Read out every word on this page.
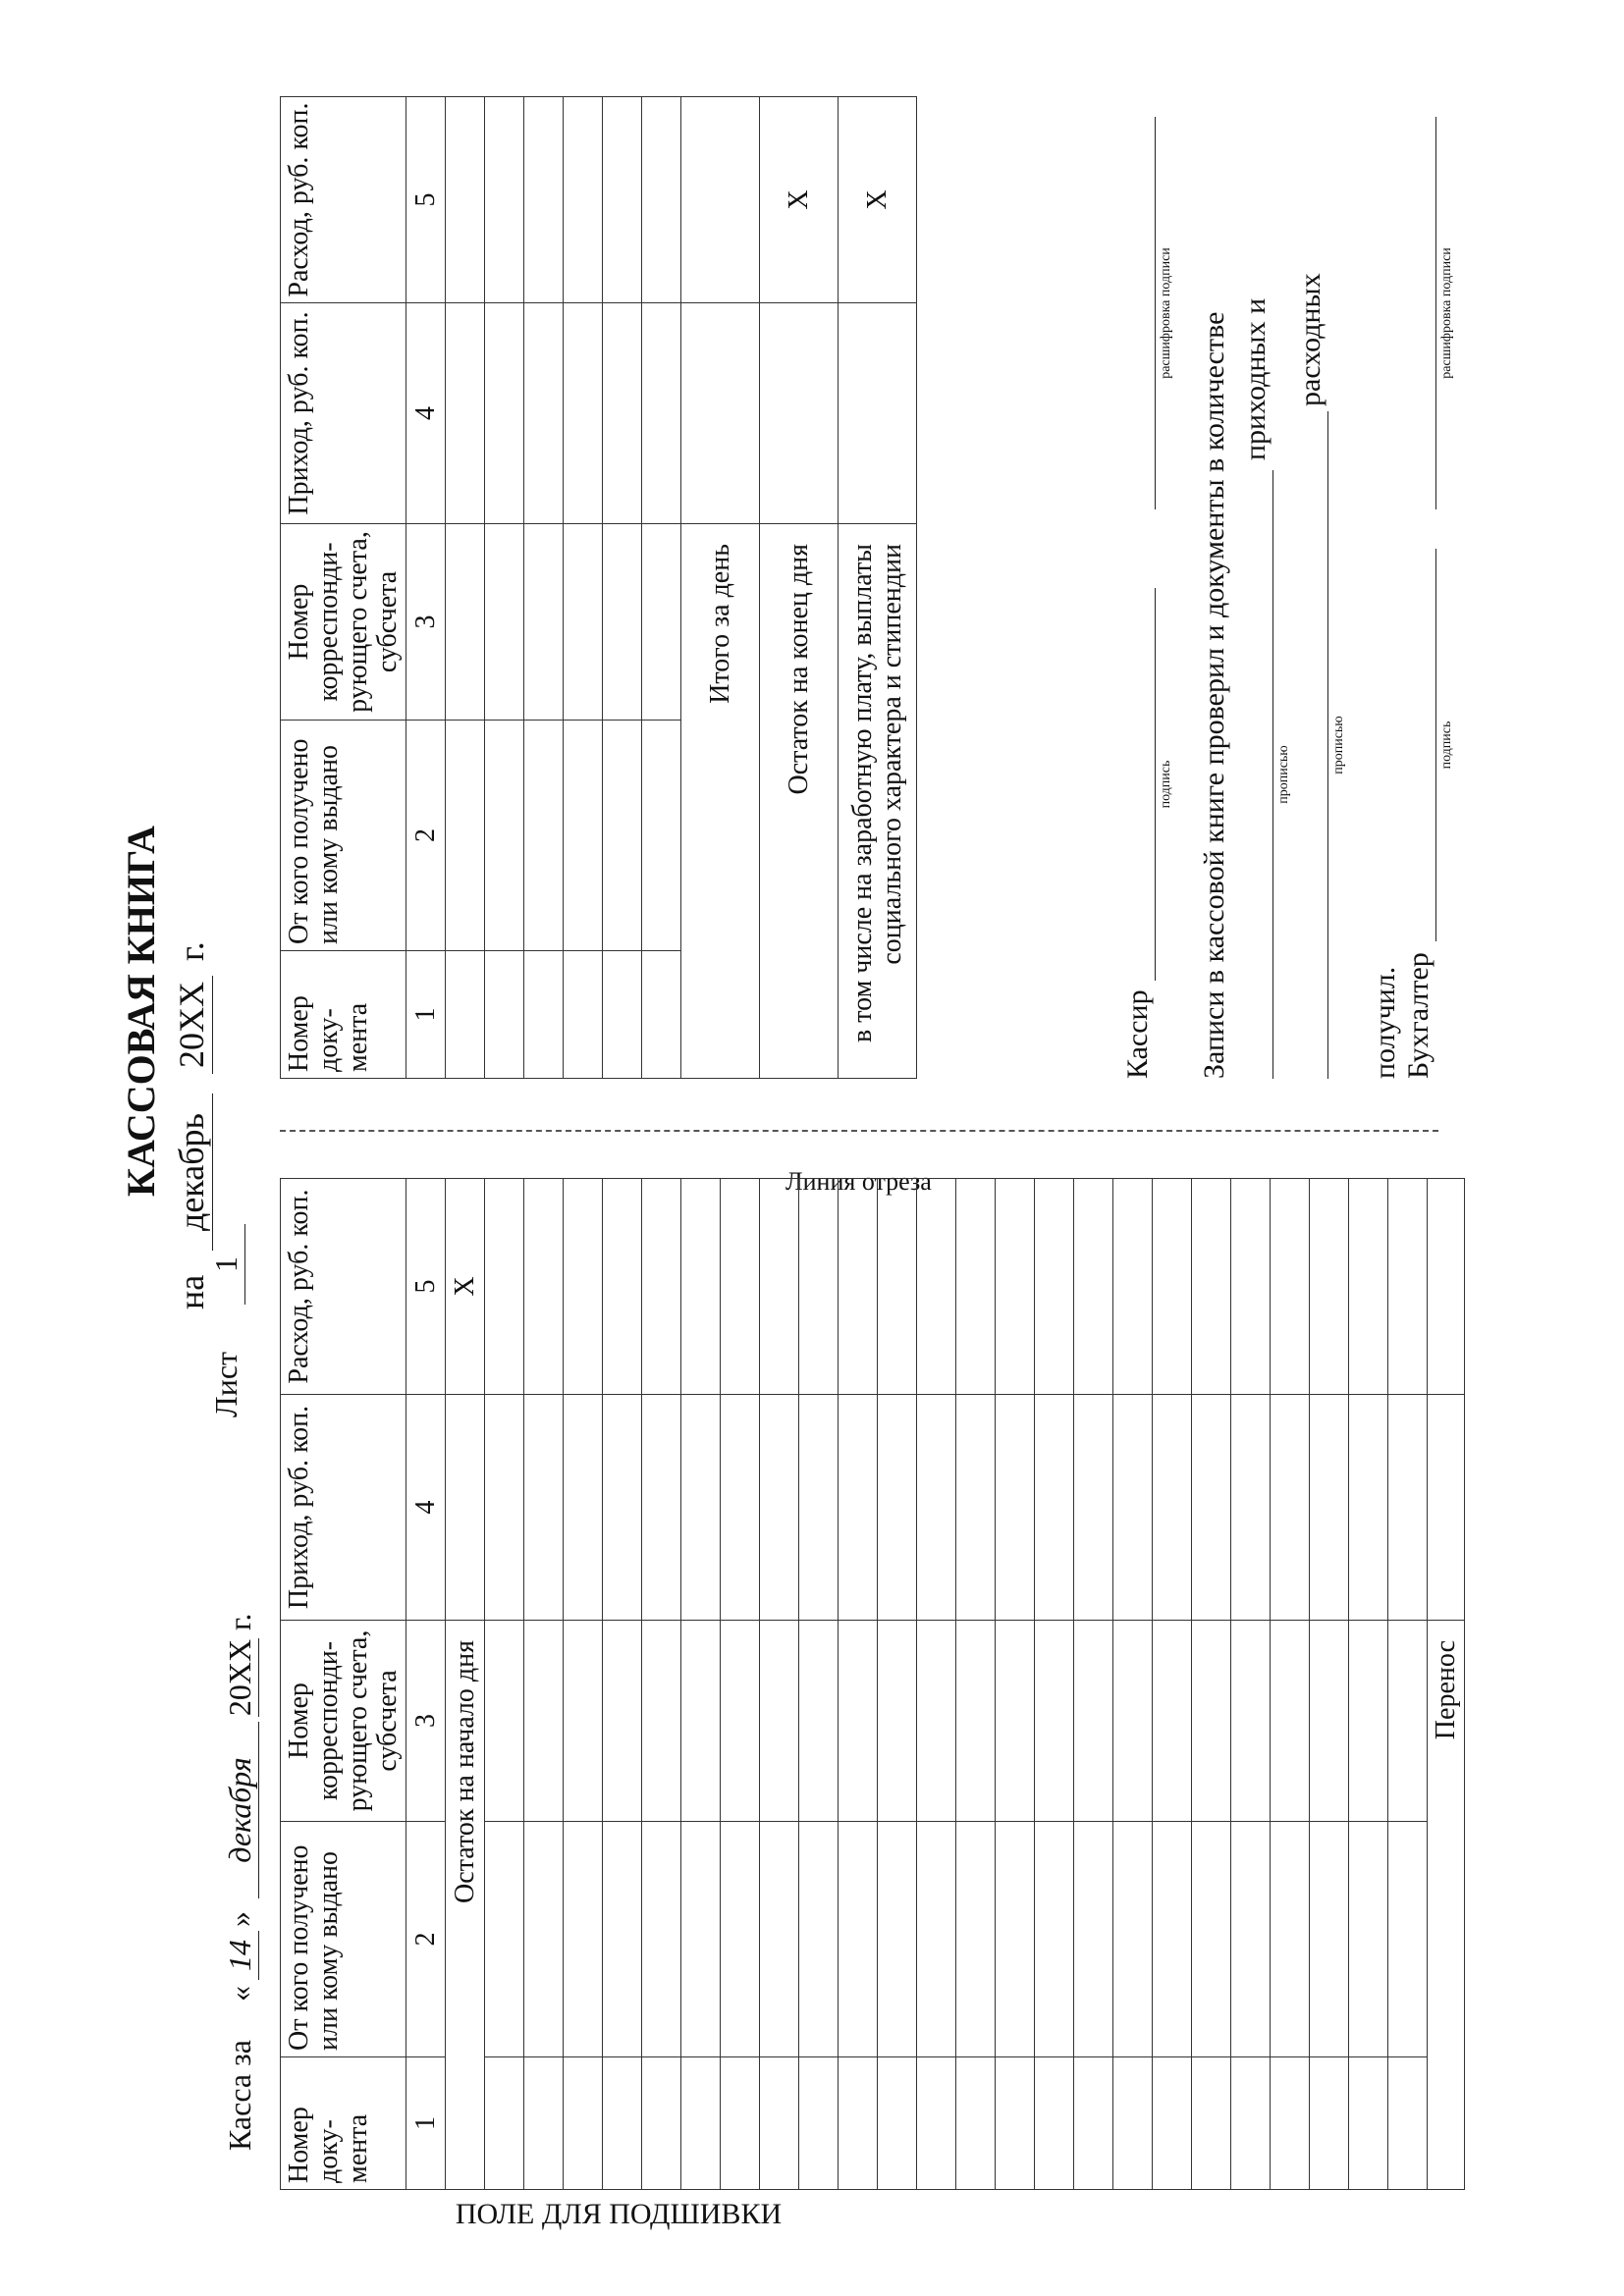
КАССОВАЯ КНИГА
на
декабрь
20XX
г.
Лист
1
Касса за
«
14
»
декабря
20XX
г.
ПОЛЕ ДЛЯ ПОДШИВКИ
Линия отреза
Номер доку-мента	От кого получено или кому выдано	Номер корреспонди-рующего счета, субсчета	Приход, руб. коп.	Расход, руб. коп.
1	2	3	4	5
Остаток на начало дня				X

Перенос				
Номер доку-мента	От кого получено или кому выдано	Номер корреспонди-рующего счета, субсчета	Приход, руб. коп.	Расход, руб. коп.
1	2	3	4	5

Итого за день				
Остаток на конец дня				X

в том числе на заработную плату, выплаты социального характера и стипендии				X
Кассир
подпись
расшифровка подписи Записи в кассовой книге проверил и документы в количестве	прописью
приходных и
прописью
расходных
получил. Бухгалтер
подпись
расшифровка подписи
